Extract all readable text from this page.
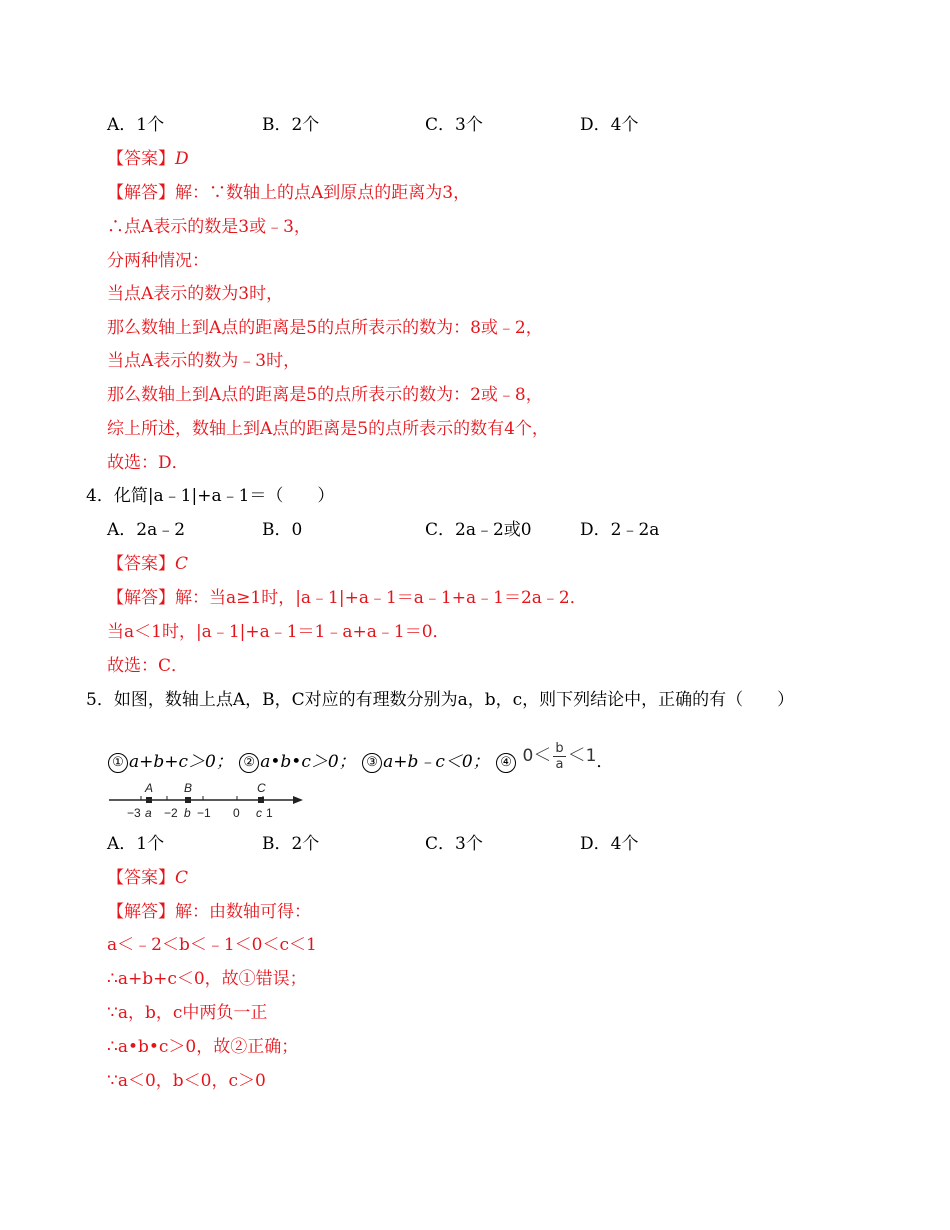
A．1个	B．2个	C．3个	D．4个
【答案】D
【解答】解：∵数轴上的点A到原点的距离为3，
∴点A表示的数是3或﹣3，
分两种情况：
当点A表示的数为3时，
那么数轴上到A点的距离是5的点所表示的数为：8或﹣2，
当点A表示的数为﹣3时，
那么数轴上到A点的距离是5的点所表示的数为：2或﹣8，
综上所述，数轴上到A点的距离是5的点所表示的数有4个，
故选：D．
4．化简|a﹣1|+a﹣1＝（　　）
A．2a﹣2	B．0	C．2a﹣2或0	D．2﹣2a
【答案】C
【解答】解：当a≥1时，|a﹣1|+a﹣1＝a﹣1+a﹣1＝2a﹣2．
当a＜1时，|a﹣1|+a﹣1＝1﹣a+a﹣1＝0．
故选：C．
5．如图，数轴上点A，B，C对应的有理数分别为a，b，c，则下列结论中，正确的有（　　）
① a+b+c＞0； ② a•b•c＞0； ③ a+b﹣c＜0； ④ $0< \frac{b}{a} <1$．
A	B	C
−3 a −2 b −1 0 c 1
A．1个	B．2个	C．3个	D．4个
【答案】C
【解答】解：由数轴可得：
a＜﹣2＜b＜﹣1＜0＜c＜1
∴a+b+c＜0，故①错误；
∵a，b，c中两负一正
∴a•b•c＞0，故②正确；
∵a＜0，b＜0，c＞0
